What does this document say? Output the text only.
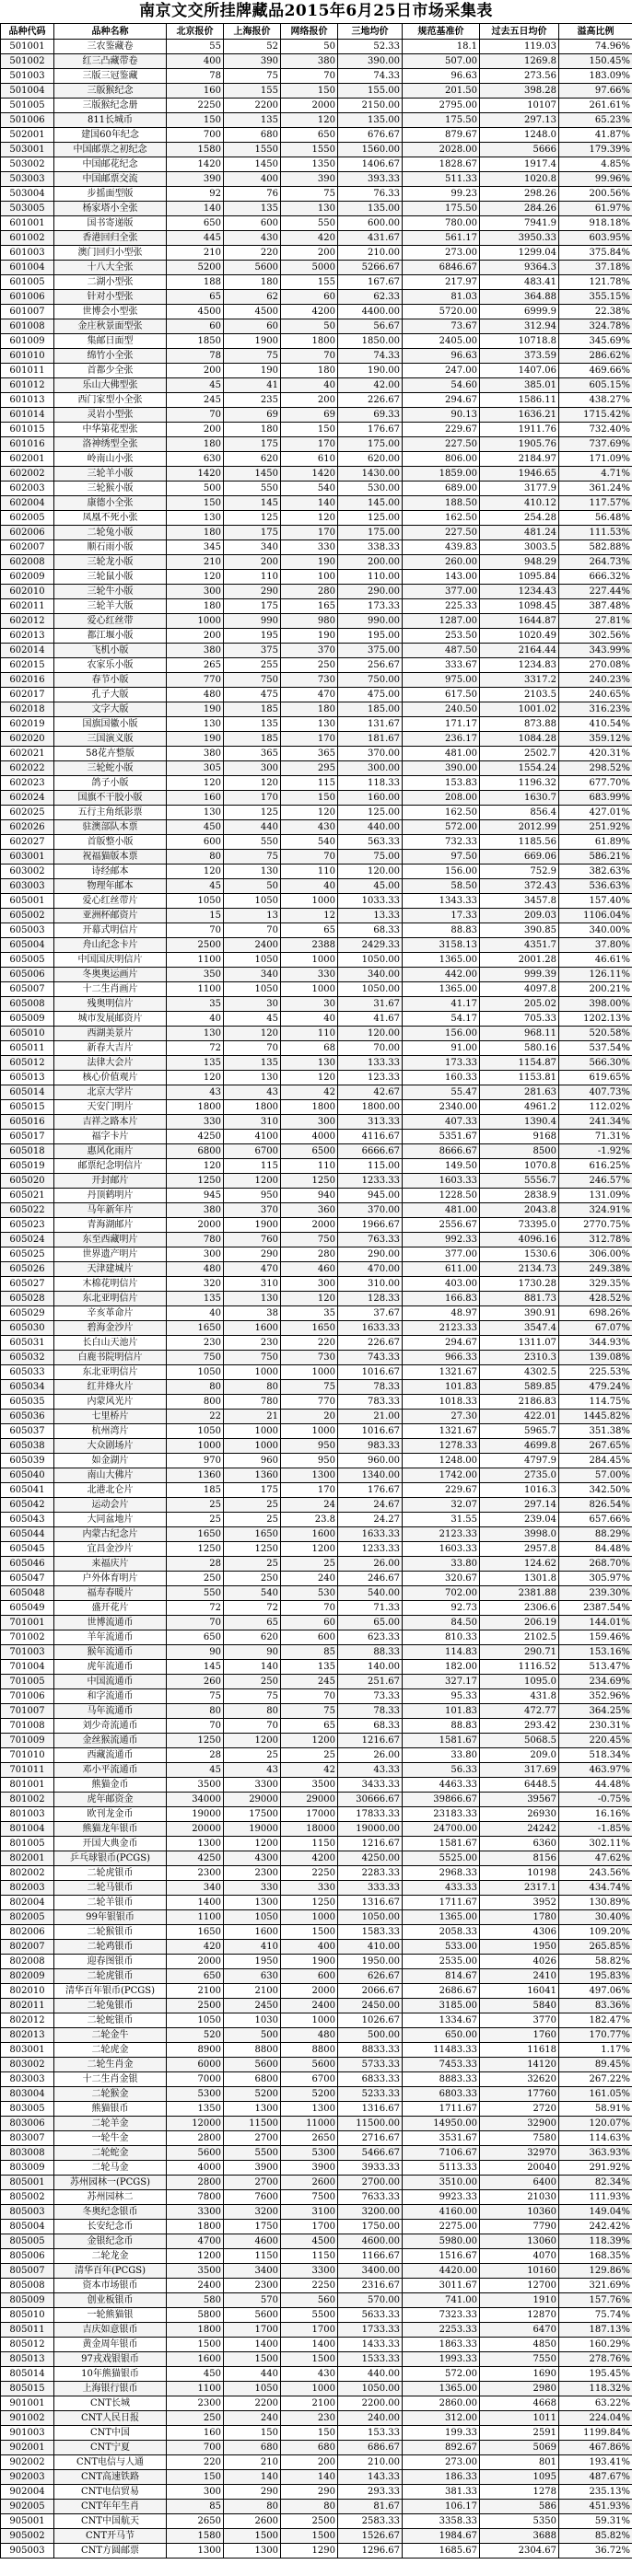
南京文交所挂牌藏品2015年6月25日市场采集表
品种代码	品种名称	北京报价	上海报价	网络报价	三地均价	规范基准价	过去五日均价	溢高比例
501001	三农鉴藏卷	55	52	50	52.33	18.1	119.03	74.96%
501002	红三凸藏带卷	400	390	380	390.00	507.00	1269.8	150.45%
501003	三版三冠鉴藏	78	75	70	74.33	96.63	273.56	183.09%
501004	三版猴纪念	160	155	150	155.00	201.50	398.28	97.66%
501005	三版猴纪念册	2250	2200	2000	2150.00	2795.00	10107	261.61%
501006	811长城币	150	135	120	135.00	175.50	297.13	65.23%
502001	建国60年纪念	700	680	650	676.67	879.67	1248.0	41.87%
503001	中国邮票之初纪念	1580	1550	1550	1560.00	2028.00	5666	179.39%
503002	中国邮花纪念	1420	1450	1350	1406.67	1828.67	1917.4	4.85%
503003	中国邮票交流	390	400	390	393.33	511.33	1020.8	99.96%
503004	步摇面型版	92	76	75	76.33	99.23	298.26	200.56%
503005	杨家塔小全张	140	135	130	135.00	175.50	284.26	61.97%
601001	国书寄递版	650	600	550	600.00	780.00	7941.9	918.18%
601002	香港回归全张	445	430	420	431.67	561.17	3950.33	603.95%
601003	澳门回归小型张	210	220	200	210.00	273.00	1299.04	375.84%
601004	十八大全张	5200	5600	5000	5266.67	6846.67	9364.3	37.18%
601005	二湖小型张	188	180	155	167.67	217.97	483.41	121.78%
601006	针对小型张	65	62	60	62.33	81.03	364.88	355.15%
601007	世博会小型张	4500	4500	4200	4400.00	5720.00	6999.9	22.38%
601008	金庄秋景面型张	60	60	50	56.67	73.67	312.94	324.78%
601009	集邮日面型	1850	1900	1800	1850.00	2405.00	10718.8	345.69%
601010	绵竹小全张	78	75	70	74.33	96.63	373.59	286.62%
601011	首都少全张	200	190	180	190.00	247.00	1407.06	469.66%
601012	乐山大佛型张	45	41	40	42.00	54.60	385.01	605.15%
601013	西门家型小全张	245	235	200	226.67	294.67	1586.11	438.27%
601014	灵岩小型张	70	69	69	69.33	90.13	1636.21	1715.42%
601015	中华第花型张	200	180	150	176.67	229.67	1911.76	732.40%
601016	洛神绣型全张	180	175	170	175.00	227.50	1905.76	737.69%
602001	岭南山小张	630	620	610	620.00	806.00	2184.97	171.09%
602002	三轮羊小版	1420	1450	1420	1430.00	1859.00	1946.65	4.71%
602003	三轮猴小版	500	550	540	530.00	689.00	3177.9	361.24%
602004	康德小全张	150	145	140	145.00	188.50	410.12	117.57%
602005	凤凰不死小张	130	125	120	125.00	162.50	254.28	56.48%
602006	二轮兔小版	180	175	170	175.00	227.50	481.24	111.53%
602007	顺石雨小版	345	340	330	338.33	439.83	3003.5	582.88%
602008	三轮龙小版	210	200	190	200.00	260.00	948.29	264.73%
602009	三轮鼠小版	120	110	100	110.00	143.00	1095.84	666.32%
602010	三轮牛小版	300	290	280	290.00	377.00	1234.43	227.44%
602011	三轮羊大版	180	175	165	173.33	225.33	1098.45	387.48%
602012	爱心红丝带	1000	990	980	990.00	1287.00	1644.87	27.81%
602013	都江堰小版	200	195	190	195.00	253.50	1020.49	302.56%
602014	飞机小版	380	375	370	375.00	487.50	2164.44	343.99%
602015	农家乐小版	265	255	250	256.67	333.67	1234.83	270.08%
602016	春节小版	770	750	730	750.00	975.00	3317.2	240.23%
602017	孔子大版	480	475	470	475.00	617.50	2103.5	240.65%
602018	文字大版	190	185	180	185.00	240.50	1001.02	316.23%
602019	国旗国徽小版	130	135	130	131.67	171.17	873.88	410.54%
602020	三国演义版	190	185	170	181.67	236.17	1084.28	359.12%
602021	58花卉整版	380	365	365	370.00	481.00	2502.7	420.31%
602022	三轮蛇小版	305	300	295	300.00	390.00	1554.24	298.52%
602023	鸽子小版	120	120	115	118.33	153.83	1196.32	677.70%
602024	国旗不干胶小版	160	170	150	160.00	208.00	1630.7	683.99%
602025	五行主角纸影票	130	125	120	125.00	162.50	856.4	427.01%
602026	驻澳部队本票	450	440	430	440.00	572.00	2012.99	251.92%
602027	首版整小版	600	550	540	563.33	732.33	1185.56	61.89%
603001	祝福猫版本票	80	75	70	75.00	97.50	669.06	586.21%
603002	诗经邮本	120	130	110	120.00	156.00	752.9	382.63%
603003	物理年邮本	45	50	40	45.00	58.50	372.43	536.63%
605001	爱心红丝带片	1050	1050	1000	1033.33	1343.33	3457.8	157.40%
605002	亚洲杯邮资片	15	13	12	13.33	17.33	209.03	1106.04%
605003	开幕式明信片	70	70	65	68.33	88.83	390.85	340.00%
605004	舟山纪念卡片	2500	2400	2388	2429.33	3158.13	4351.7	37.80%
605005	中国国庆明信片	1100	1050	1000	1050.00	1365.00	2001.28	46.61%
605006	冬奥奥运画片	350	340	330	340.00	442.00	999.39	126.11%
605007	十二生肖画片	1100	1050	1000	1050.00	1365.00	4097.8	200.21%
605008	残奥明信片	35	30	30	31.67	41.17	205.02	398.00%
605009	城市发展邮资片	40	45	40	41.67	54.17	705.33	1202.13%
605010	西湖美景片	130	120	110	120.00	156.00	968.11	520.58%
605011	新春大吉片	72	70	68	70.00	91.00	580.16	537.54%
605012	法律大会片	135	135	130	133.33	173.33	1154.87	566.30%
605013	核心价值观片	120	130	120	123.33	160.33	1153.81	619.65%
605014	北京大学片	43	43	42	42.67	55.47	281.63	407.73%
605015	天安门明片	1800	1800	1800	1800.00	2340.00	4961.2	112.02%
605016	吉祥之路本片	330	310	300	313.33	407.33	1390.4	241.34%
605017	福字卡片	4250	4100	4000	4116.67	5351.67	9168	71.31%
605018	惠风化雨片	6800	6700	6500	6666.67	8666.67	8500	-1.92%
605019	邮票纪念明信片	120	115	110	115.00	149.50	1070.8	616.25%
605020	开封邮片	1250	1200	1250	1233.33	1603.33	5556.7	246.57%
605021	丹顶鹤明片	945	950	940	945.00	1228.50	2838.9	131.09%
605022	马年新年片	380	370	360	370.00	481.00	2043.8	324.91%
605023	青海湖邮片	2000	1900	2000	1966.67	2556.67	73395.0	2770.75%
605024	东至西藏明片	780	760	750	763.33	992.33	4096.16	312.78%
605025	世界遗产明片	300	290	280	290.00	377.00	1530.6	306.00%
605026	天津建城片	480	470	460	470.00	611.00	2134.73	249.38%
605027	木棉花明信片	320	310	300	310.00	403.00	1730.28	329.35%
605028	东北亚明信片	135	130	120	128.33	166.83	881.73	428.52%
605029	辛亥革命片	40	38	35	37.67	48.97	390.91	698.26%
605030	碧海金沙片	1650	1600	1650	1633.33	2123.33	3547.4	67.07%
605031	长白山天池片	230	230	220	226.67	294.67	1311.07	344.93%
605032	白鹿书院明信片	750	750	730	743.33	966.33	2310.3	139.08%
605033	东北亚明信片	1050	1000	1000	1016.67	1321.67	4302.5	225.53%
605034	红井烽火片	80	80	75	78.33	101.83	589.85	479.24%
605035	内蒙风光片	800	780	770	783.33	1018.33	2186.83	114.75%
605036	七里桥片	22	21	20	21.00	27.30	422.01	1445.82%
605037	杭州湾片	1050	1000	1000	1016.67	1321.67	5965.7	351.38%
605038	大众剧场片	1000	1000	950	983.33	1278.33	4699.8	267.65%
605039	如金湖片	970	960	950	960.00	1248.00	4797.9	284.45%
605040	南山大佛片	1360	1360	1300	1340.00	1742.00	2735.0	57.00%
605041	北港北仑片	185	175	170	176.67	229.67	1016.3	342.50%
605042	运动会片	25	25	24	24.67	32.07	297.14	826.54%
605043	大同盆地片	25	25	23.8	24.27	31.55	239.04	657.66%
605044	内蒙古纪念片	1650	1650	1600	1633.33	2123.33	3998.0	88.29%
605045	宜昌金沙片	1250	1250	1200	1233.33	1603.33	2957.8	84.48%
605046	来福庆片	28	25	25	26.00	33.80	124.62	268.70%
605047	户外体育明片	250	250	240	246.67	320.67	1301.8	305.97%
605048	福寿春暖片	550	540	530	540.00	702.00	2381.88	239.30%
605049	盛开花片	72	72	70	71.33	92.73	2306.6	2387.54%
701001	世博流通币	70	65	60	65.00	84.50	206.19	144.01%
701002	羊年流通币	650	620	600	623.33	810.33	2102.5	159.46%
701003	猴年流通币	90	90	85	88.33	114.83	290.71	153.16%
701004	虎年流通币	145	140	135	140.00	182.00	1116.52	513.47%
701005	中国流通币	260	250	245	251.67	327.17	1095.0	234.69%
701006	和字流通币	75	75	70	73.33	95.33	431.8	352.96%
701007	马年流通币	80	80	75	78.33	101.83	472.77	364.25%
701008	刘少奇流通币	70	70	65	68.33	88.83	293.42	230.31%
701009	金丝猴流通币	1250	1200	1200	1216.67	1581.67	5068.5	220.45%
701010	西藏流通币	28	25	25	26.00	33.80	209.0	518.34%
701011	邓小平流通币	45	43	42	43.33	56.33	317.69	463.97%
801001	熊猫金币	3500	3300	3500	3433.33	4463.33	6448.5	44.48%
801002	虎年邮资金	34000	29000	29000	30666.67	39866.67	39567	-0.75%
801003	欧刊龙金币	19000	17500	17000	17833.33	23183.33	26930	16.16%
801004	熊猫龙年银币	20000	19000	18000	19000.00	24700.00	24242	-1.85%
801005	开国大典金币	1300	1200	1150	1216.67	1581.67	6360	302.11%
802001	乒乓球银币(PCGS)	4250	4300	4200	4250.00	5525.00	8156	47.62%
802002	二轮虎银币	2300	2300	2250	2283.33	2968.33	10198	243.56%
802003	二轮马银币	340	330	330	333.33	433.33	2317.1	434.74%
802004	二轮羊银币	1400	1300	1250	1316.67	1711.67	3952	130.89%
802005	99年银银币	1100	1050	1000	1050.00	1365.00	1780	30.40%
802006	二轮猴银币	1650	1600	1500	1583.33	2058.33	4306	109.20%
802007	二轮鸡银币	420	410	400	410.00	533.00	1950	265.85%
802008	迎春图银币	2000	1950	1900	1950.00	2535.00	4026	58.82%
802009	二轮虎银币	650	630	600	626.67	814.67	2410	195.83%
802010	清华百年银币(PCGS)	2100	2100	2000	2066.67	2686.67	16041	497.06%
802011	二轮兔银币	2500	2450	2400	2450.00	3185.00	5840	83.36%
802012	二轮蛇银币	1050	1030	1000	1026.67	1334.67	3770	182.47%
802013	二轮金牛	520	500	480	500.00	650.00	1760	170.77%
803001	二轮虎金	8900	8800	8800	8833.33	11483.33	11618	1.17%
803002	二轮生肖金	6000	5600	5600	5733.33	7453.33	14120	89.45%
803003	十二生肖金银	7000	6800	6700	6833.33	8883.33	32620	267.22%
803004	二轮猴金	5300	5200	5200	5233.33	6803.33	17760	161.05%
803005	熊猫银币	1350	1300	1300	1316.67	1711.67	2720	58.91%
803006	二轮羊金	12000	11500	11000	11500.00	14950.00	32900	120.07%
803007	一轮牛金	2800	2700	2650	2716.67	3531.67	7580	114.63%
803008	二轮蛇金	5600	5500	5300	5466.67	7106.67	32970	363.93%
803009	二轮马金	4000	3900	3900	3933.33	5113.33	20040	291.92%
805001	苏州园林一(PCGS)	2800	2700	2600	2700.00	3510.00	6400	82.34%
805002	苏州园林二	7800	7600	7500	7633.33	9923.33	21030	111.93%
805003	冬奥纪念银币	3300	3200	3100	3200.00	4160.00	10360	149.04%
805004	长安纪念币	1800	1750	1700	1750.00	2275.00	7790	242.42%
805005	金银纪念币	4700	4600	4500	4600.00	5980.00	13060	118.39%
805006	二轮龙金	1200	1150	1150	1166.67	1516.67	4070	168.35%
805007	清华百年(PCGS)	3500	3400	3300	3400.00	4420.00	10160	129.86%
805008	资本市场银币	2400	2300	2250	2316.67	3011.67	12700	321.69%
805009	创业板银币	580	570	560	570.00	741.00	1910	157.76%
805010	一轮熊猫银	5800	5600	5500	5633.33	7323.33	12870	75.74%
805011	吉庆如意银币	1800	1700	1700	1733.33	2253.33	6470	187.13%
805012	黄金周年银币	1500	1400	1400	1433.33	1863.33	4850	160.29%
805013	97戎戏银银币	1600	1500	1500	1533.33	1993.33	7550	278.76%
805014	10年熊猫银币	450	440	430	440.00	572.00	1690	195.45%
805015	上海银行银币	1100	1050	1000	1050.00	1365.00	2980	118.32%
901001	CNT长城	2300	2200	2100	2200.00	2860.00	4668	63.22%
901002	CNT人民日报	250	240	230	240.00	312.00	1011	224.04%
901003	CNT中国	160	150	150	153.33	199.33	2591	1199.84%
902001	CNT宁夏	700	680	680	686.67	892.67	5069	467.86%
902002	CNT电信与人通	220	210	200	210.00	273.00	801	193.41%
902003	CNT高速铁路	150	140	140	143.33	186.33	1095	487.67%
902004	CNT电信贸易	300	290	290	293.33	381.33	1278	235.13%
902005	CNT年年生肖	85	80	80	81.67	106.17	586	451.93%
905001	CNT中国航天	2650	2600	2500	2583.33	3358.33	5350	59.31%
905002	CNT开马节	1580	1500	1500	1526.67	1984.67	3688	85.82%
905003	CNT方圆邮票	1300	1300	1290	1296.67	1685.67	2304.67	36.72%
